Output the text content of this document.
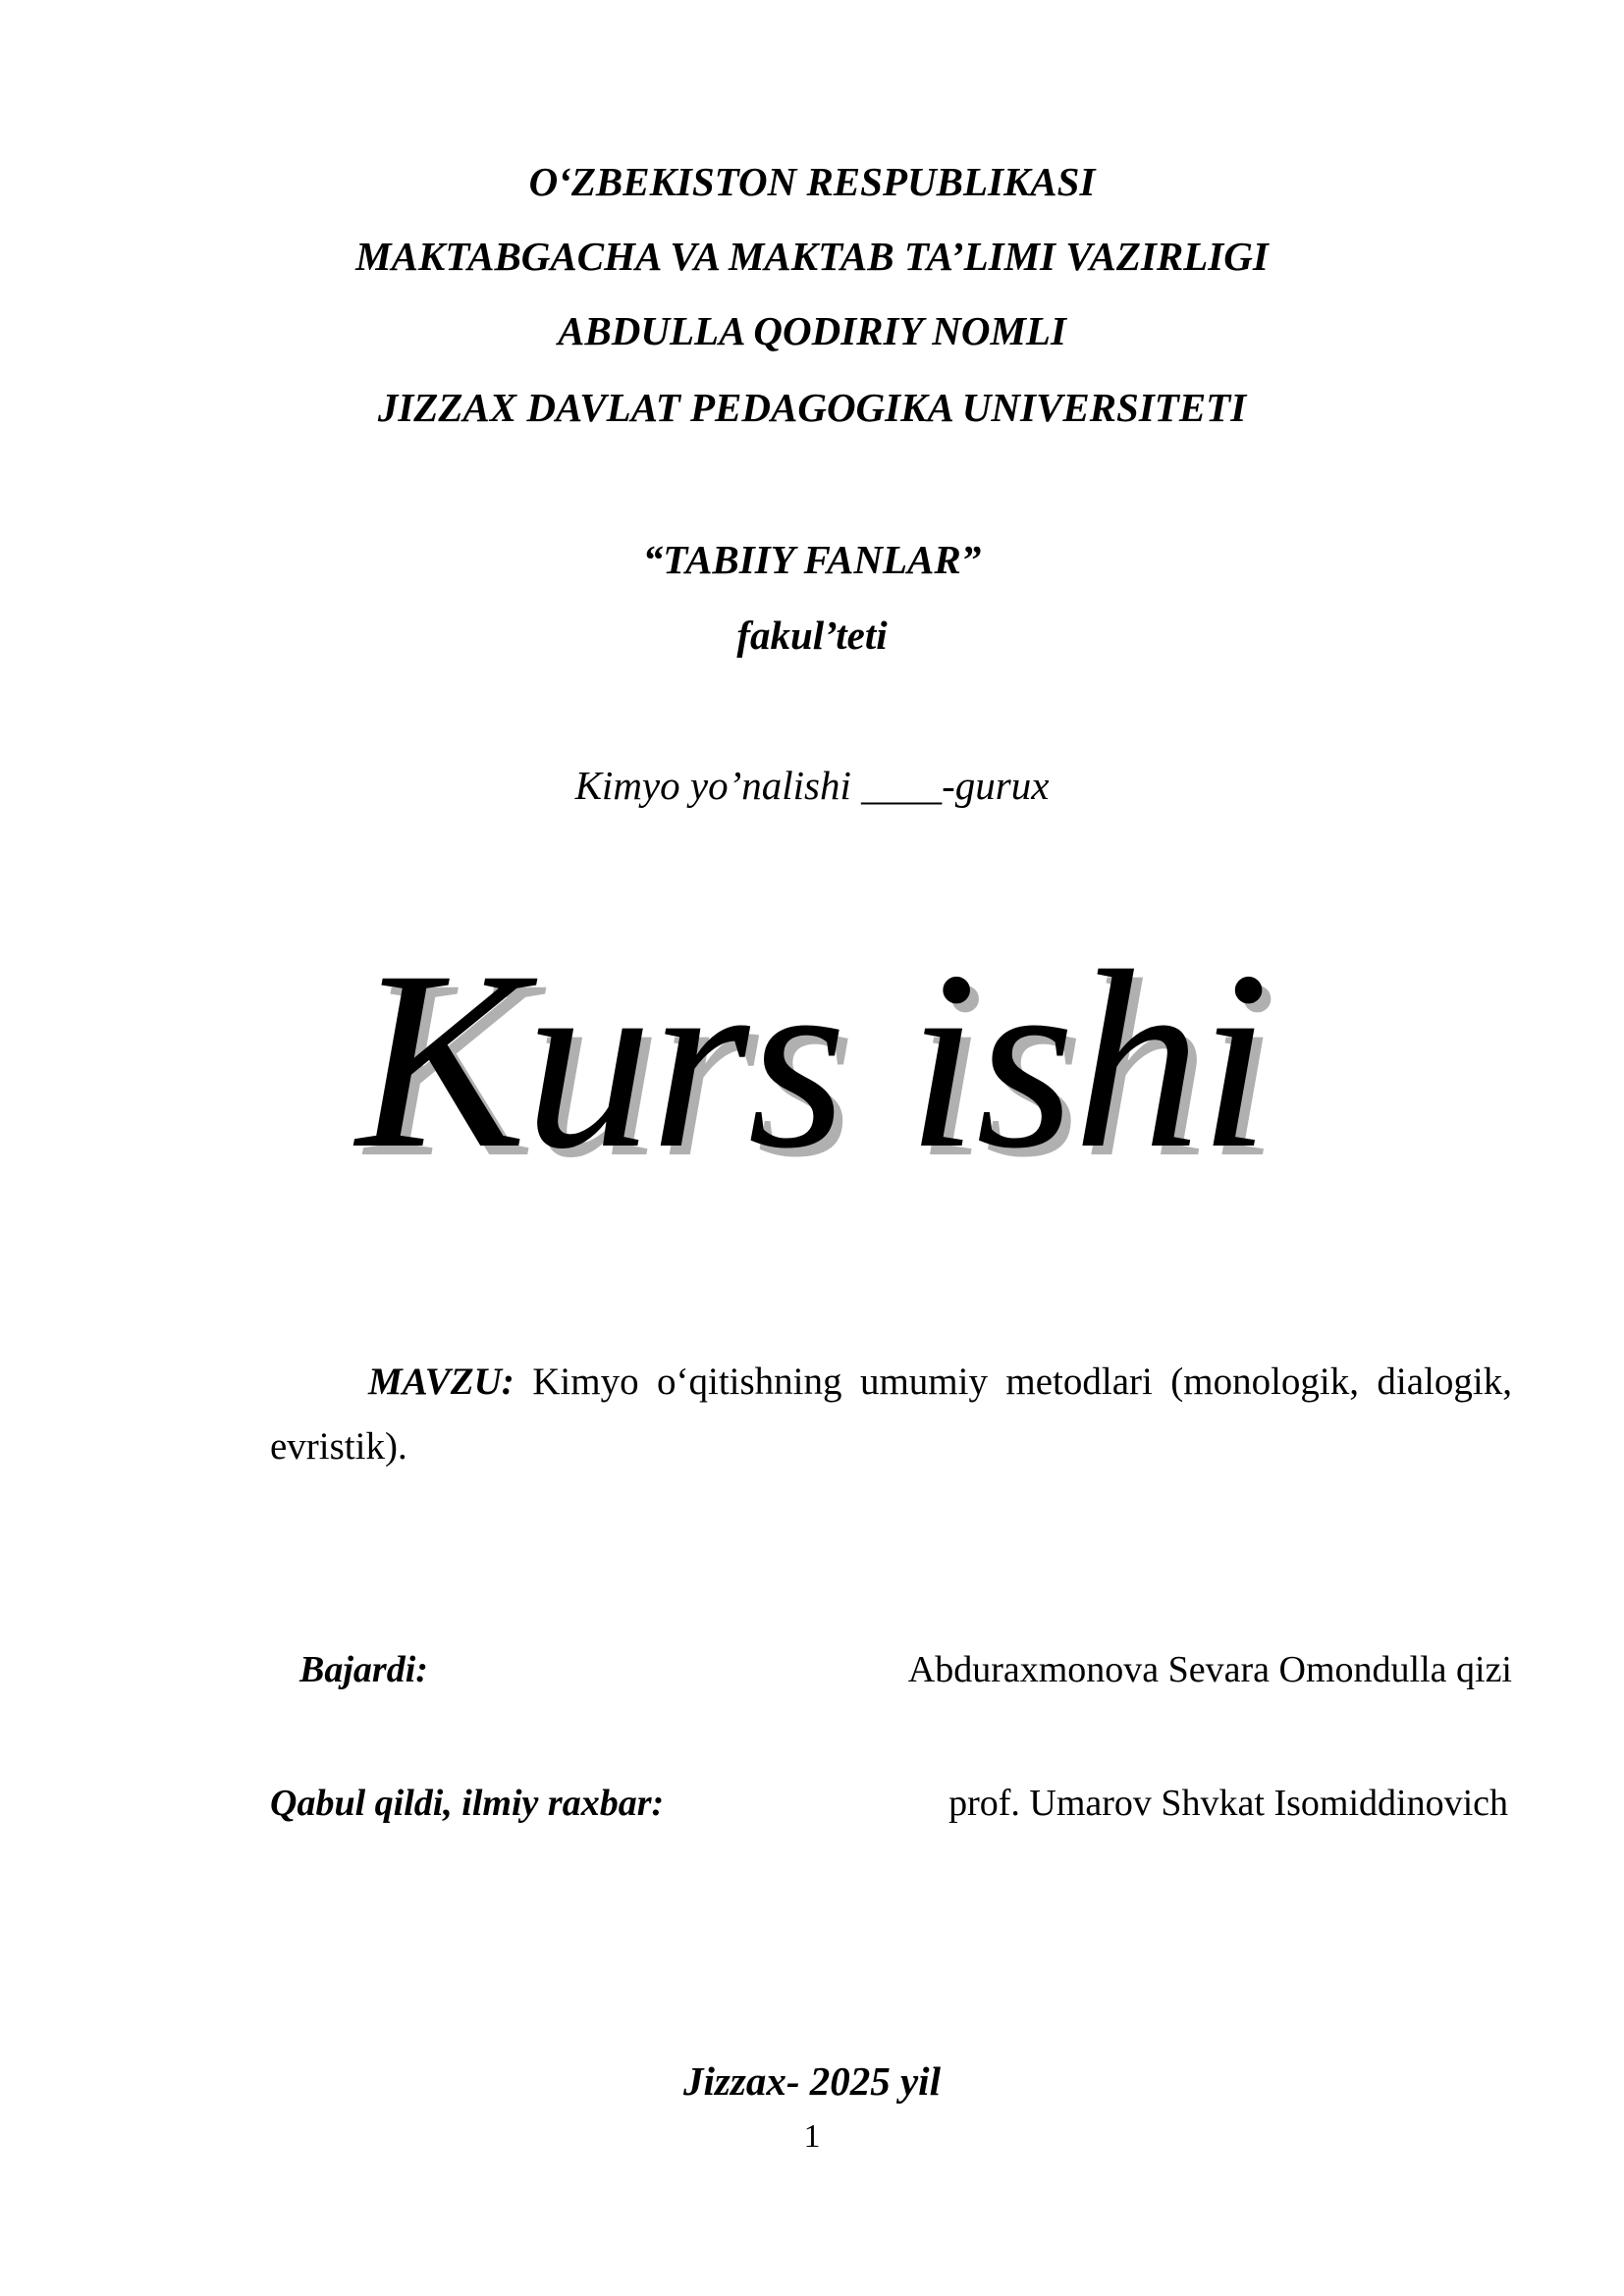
O‘ZBEKISTON RESPUBLIKASI
MAKTABGACHA VA MAKTAB TA’LIMI VAZIRLIGI
ABDULLA QODIRIY NOMLI
JIZZAX DAVLAT PEDAGOGIKA UNIVERSITETI
“TABIIY FANLAR”
fakul’teti
Kimyo yo’nalishi ____-gurux
Kurs ishi
MAVZU: Kimyo o‘qitishning umumiy metodlari (monologik, dialogik, evristik).
Bajardi:	Abduraxmonova Sevara Omondulla qizi
Qabul qildi, ilmiy raxbar:	prof. Umarov Shvkat Isomiddinovich
Jizzax- 2025 yil
1
